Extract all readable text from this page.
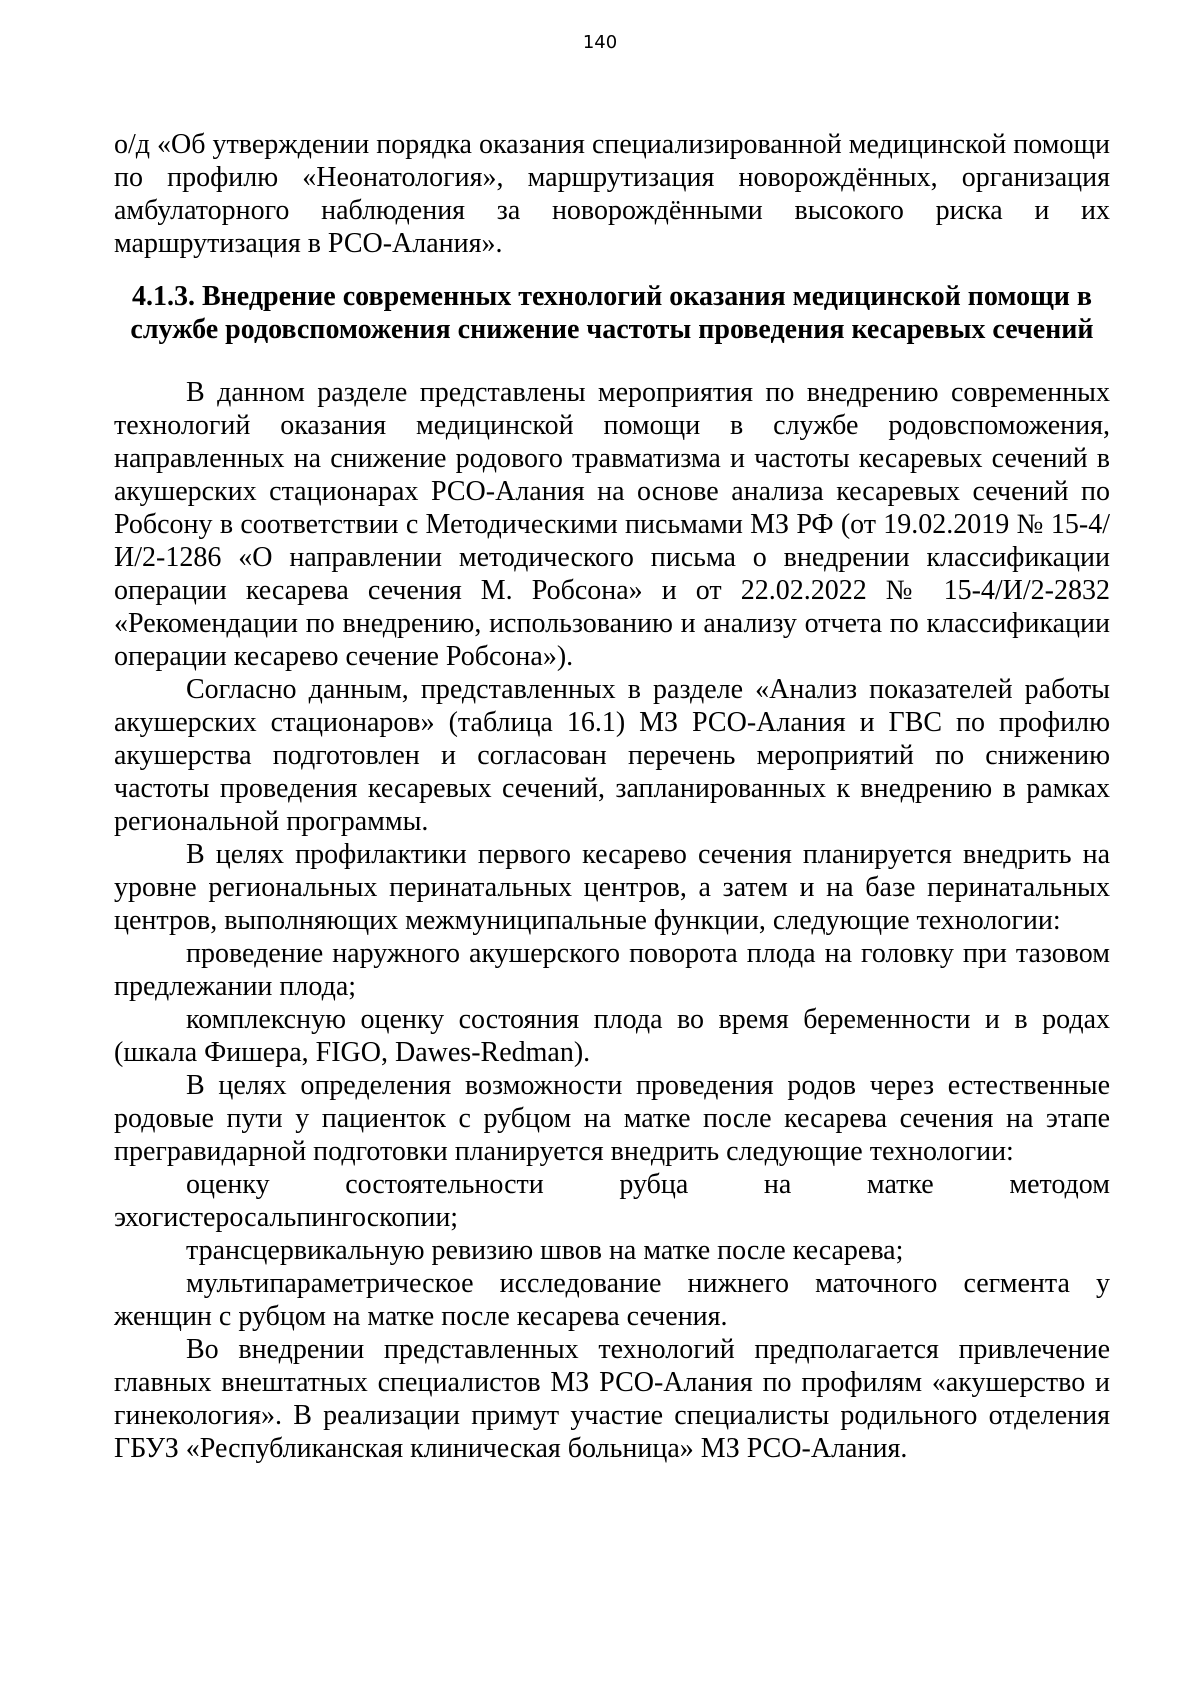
140

о/д «Об утверждении порядка оказания специализированной медицинской помощи по профилю «Неонатология», маршрутизация новорождённых, организация амбулаторного наблюдения за новорождёнными высокого риска и их маршрутизация в РСО-Алания».

4.1.3. Внедрение современных технологий оказания медицинской помощи в службе родовспоможения снижение частоты проведения кесаревых сечений

В данном разделе представлены мероприятия по внедрению современных технологий оказания медицинской помощи в службе родовспоможения, направленных на снижение родового травматизма и частоты кесаревых сечений в акушерских стационарах РСО-Алания на основе анализа кесаревых сечений по Робсону в соответствии с Методическими письмами МЗ РФ (от 19.02.2019 № 15-4/И/2-1286 «О направлении методического письма о внедрении классификации операции кесарева сечения М. Робсона» и от 22.02.2022 № 15-4/И/2-2832 «Рекомендации по внедрению, использованию и анализу отчета по классификации операции кесарево сечение Робсона»).

Согласно данным, представленных в разделе «Анализ показателей работы акушерских стационаров» (таблица 16.1) МЗ РСО-Алания и ГВС по профилю акушерства подготовлен и согласован перечень мероприятий по снижению частоты проведения кесаревых сечений, запланированных к внедрению в рамках региональной программы.

В целях профилактики первого кесарево сечения планируется внедрить на уровне региональных перинатальных центров, а затем и на базе перинатальных центров, выполняющих межмуниципальные функции, следующие технологии:

проведение наружного акушерского поворота плода на головку при тазовом предлежании плода;

комплексную оценку состояния плода во время беременности и в родах (шкала Фишера, FIGO, Dawes-Redman).

В целях определения возможности проведения родов через естественные родовые пути у пациенток с рубцом на матке после кесарева сечения на этапе прегравидарной подготовки планируется внедрить следующие технологии:

оценку состоятельности рубца на матке методом эхогистеросальпингоскопии;

трансцервикальную ревизию швов на матке после кесарева;

мультипараметрическое исследование нижнего маточного сегмента у женщин с рубцом на матке после кесарева сечения.

Во внедрении представленных технологий предполагается привлечение главных внештатных специалистов МЗ РСО-Алания по профилям «акушерство и гинекология». В реализации примут участие специалисты родильного отделения ГБУЗ «Республиканская клиническая больница» МЗ РСО-Алания.
